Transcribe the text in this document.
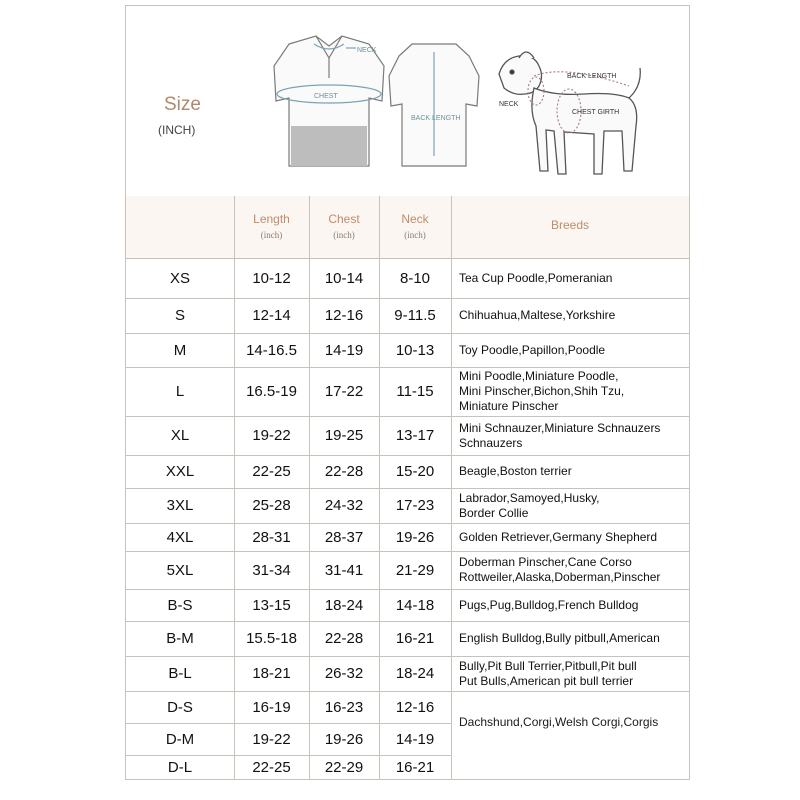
Size
(INCH)
NECK
CHEST
BACK LENGTH
BACK LENGTH
NECK
CHEST GIRTH
Length
(inch)
Chest
(inch)
Neck
(inch)
Breeds
XS	10-12 10-14 8-10 Tea Cup Poodle,Pomeranian
S	12-14 12-16 9-11.5 Chihuahua,Maltese,Yorkshire
M	14-16.5 14-19 10-13 Toy Poodle,Papillon,Poodle
L	16.5-19 17-22 11-15
Mini Poodle,Miniature Poodle,
Mini Pinscher,Bichon,Shih Tzu,
Miniature Pinscher
XL	19-22 19-25 13-17 Mini Schnauzer,Miniature Schnauzers
Schnauzers
XXL	22-25 22-28 15-20 Beagle,Boston terrier
3XL	25-28 24-32 17-23 Labrador,Samoyed,Husky,
Border Collie
4XL	28-31 28-37 19-26 Golden Retriever,Germany Shepherd
5XL	31-34 31-41 21-29 Doberman Pinscher,Cane Corso
Rottweiler,Alaska,Doberman,Pinscher
B-S	13-15 18-24 14-18 Pugs,Pug,Bulldog,French Bulldog
B-M	15.5-18 22-28 16-21 English Bulldog,Bully pitbull,American
B-L	18-21 26-32 18-24 Bully,Pit Bull Terrier,Pitbull,Pit bull
Put Bulls,American pit bull terrier
D-S	16-19 16-23 12-16
D-M	19-22 19-26 14-19
D-L	22-25 22-29 16-21
Dachshund,Corgi,Welsh Corgi,Corgis
